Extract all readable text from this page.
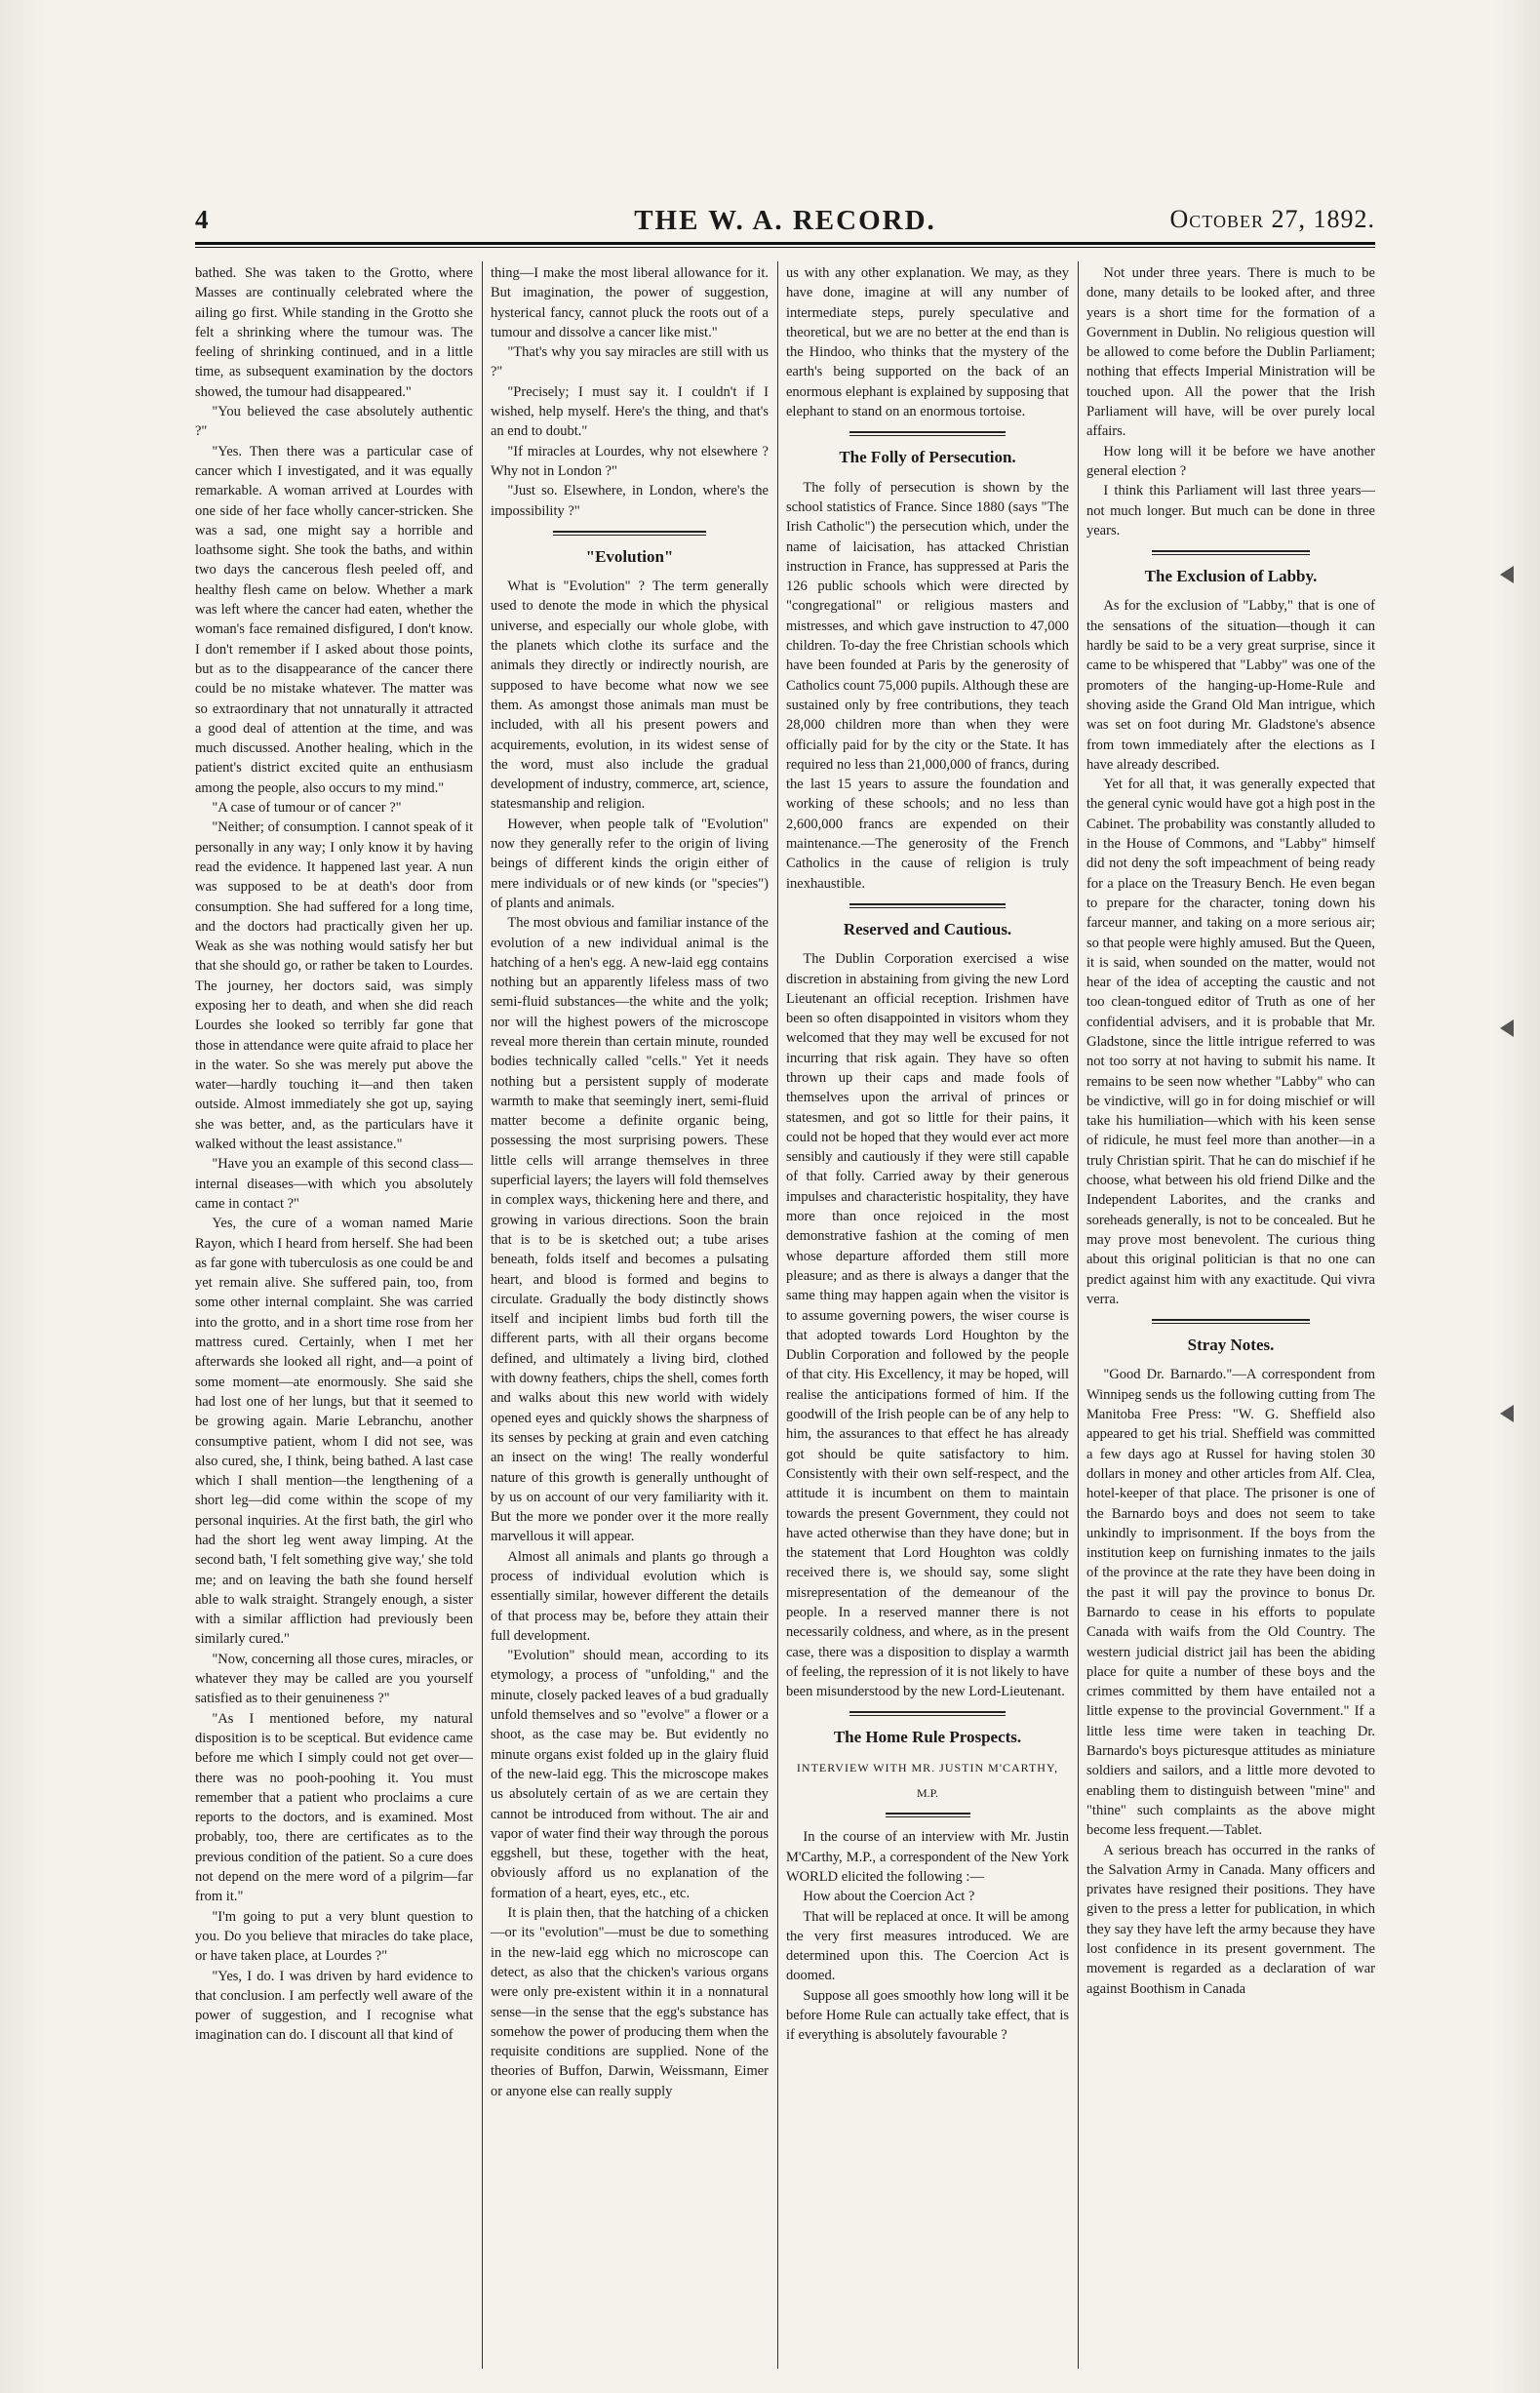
4	THE W. A. RECORD.	October 27, 1892.

bathed. She was taken to the Grotto, where Masses are continually celebrated where the ailing go first. While standing in the Grotto she felt a shrinking where the tumour was. The feeling of shrinking continued, and in a little time, as subsequent examination by the doctors showed, the tumour had disappeared."

"You believed the case absolutely authentic ?"

"Yes. Then there was a particular case of cancer which I investigated, and it was equally remarkable. A woman arrived at Lourdes with one side of her face wholly cancer-stricken. She was a sad, one might say a horrible and loathsome sight. She took the baths, and within two days the cancerous flesh peeled off, and healthy flesh came on below. Whether a mark was left where the cancer had eaten, whether the woman's face remained disfigured, I don't know. I don't remember if I asked about those points, but as to the disappearance of the cancer there could be no mistake whatever. The matter was so extraordinary that not unnaturally it attracted a good deal of attention at the time, and was much discussed. Another healing, which in the patient's district excited quite an enthusiasm among the people, also occurs to my mind."

"A case of tumour or of cancer ?"

"Neither; of consumption. I cannot speak of it personally in any way; I only know it by having read the evidence. It happened last year. A nun was supposed to be at death's door from consumption. She had suffered for a long time, and the doctors had practically given her up. Weak as she was nothing would satisfy her but that she should go, or rather be taken to Lourdes. The journey, her doctors said, was simply exposing her to death, and when she did reach Lourdes she looked so terribly far gone that those in attendance were quite afraid to place her in the water. So she was merely put above the water—hardly touching it—and then taken outside. Almost immediately she got up, saying she was better, and, as the particulars have it walked without the least assistance."

"Have you an example of this second class—internal diseases—with which you absolutely came in contact ?"

Yes, the cure of a woman named Marie Rayon, which I heard from herself. She had been as far gone with tuberculosis as one could be and yet remain alive. She suffered pain, too, from some other internal complaint. She was carried into the grotto, and in a short time rose from her mattress cured. Certainly, when I met her afterwards she looked all right, and—a point of some moment—ate enormously. She said she had lost one of her lungs, but that it seemed to be growing again. Marie Lebranchu, another consumptive patient, whom I did not see, was also cured, she, I think, being bathed. A last case which I shall mention—the lengthening of a short leg—did come within the scope of my personal inquiries. At the first bath, the girl who had the short leg went away limping. At the second bath, 'I felt something give way,' she told me; and on leaving the bath she found herself able to walk straight. Strangely enough, a sister with a similar affliction had previously been similarly cured."

"Now, concerning all those cures, miracles, or whatever they may be called are you yourself satisfied as to their genuineness ?"

"As I mentioned before, my natural disposition is to be sceptical. But evidence came before me which I simply could not get over—there was no pooh-poohing it. You must remember that a patient who proclaims a cure reports to the doctors, and is examined. Most probably, too, there are certificates as to the previous condition of the patient. So a cure does not depend on the mere word of a pilgrim—far from it."

"I'm going to put a very blunt question to you. Do you believe that miracles do take place, or have taken place, at Lourdes ?"

"Yes, I do. I was driven by hard evidence to that conclusion. I am perfectly well aware of the power of suggestion, and I recognise what imagination can do. I discount all that kind of

thing—I make the most liberal allowance for it. But imagination, the power of suggestion, hysterical fancy, cannot pluck the roots out of a tumour and dissolve a cancer like mist."

"That's why you say miracles are still with us ?"

"Precisely; I must say it. I couldn't if I wished, help myself. Here's the thing, and that's an end to doubt."

"If miracles at Lourdes, why not elsewhere ? Why not in London ?"

"Just so. Elsewhere, in London, where's the impossibility ?"

"Evolution"

What is "Evolution" ? The term generally used to denote the mode in which the physical universe, and especially our whole globe, with the planets which clothe its surface and the animals they directly or indirectly nourish, are supposed to have become what now we see them. As amongst those animals man must be included, with all his present powers and acquirements, evolution, in its widest sense of the word, must also include the gradual development of industry, commerce, art, science, statesmanship and religion.

However, when people talk of "Evolution" now they generally refer to the origin of living beings of different kinds the origin either of mere individuals or of new kinds (or "species") of plants and animals.

The most obvious and familiar instance of the evolution of a new individual animal is the hatching of a hen's egg. A new-laid egg contains nothing but an apparently lifeless mass of two semi-fluid substances—the white and the yolk; nor will the highest powers of the microscope reveal more therein than certain minute, rounded bodies technically called "cells." Yet it needs nothing but a persistent supply of moderate warmth to make that seemingly inert, semi-fluid matter become a definite organic being, possessing the most surprising powers. These little cells will arrange themselves in three superficial layers; the layers will fold themselves in complex ways, thickening here and there, and growing in various directions. Soon the brain that is to be is sketched out; a tube arises beneath, folds itself and becomes a pulsating heart, and blood is formed and begins to circulate. Gradually the body distinctly shows itself and incipient limbs bud forth till the different parts, with all their organs become defined, and ultimately a living bird, clothed with downy feathers, chips the shell, comes forth and walks about this new world with widely opened eyes and quickly shows the sharpness of its senses by pecking at grain and even catching an insect on the wing! The really wonderful nature of this growth is generally unthought of by us on account of our very familiarity with it. But the more we ponder over it the more really marvellous it will appear.

Almost all animals and plants go through a process of individual evolution which is essentially similar, however different the details of that process may be, before they attain their full development.

"Evolution" should mean, according to its etymology, a process of "unfolding," and the minute, closely packed leaves of a bud gradually unfold themselves and so "evolve" a flower or a shoot, as the case may be. But evidently no minute organs exist folded up in the glairy fluid of the new-laid egg. This the microscope makes us absolutely certain of as we are certain they cannot be introduced from without. The air and vapor of water find their way through the porous eggshell, but these, together with the heat, obviously afford us no explanation of the formation of a heart, eyes, etc., etc.

It is plain then, that the hatching of a chicken—or its "evolution"—must be due to something in the new-laid egg which no microscope can detect, as also that the chicken's various organs were only pre-existent within it in a nonnatural sense—in the sense that the egg's substance has somehow the power of producing them when the requisite conditions are supplied. None of the theories of Buffon, Darwin, Weissmann, Eimer or anyone else can really supply

us with any other explanation. We may, as they have done, imagine at will any number of intermediate steps, purely speculative and theoretical, but we are no better at the end than is the Hindoo, who thinks that the mystery of the earth's being supported on the back of an enormous elephant is explained by supposing that elephant to stand on an enormous tortoise.

The Folly of Persecution.

The folly of persecution is shown by the school statistics of France. Since 1880 (says "The Irish Catholic") the persecution which, under the name of laicisation, has attacked Christian instruction in France, has suppressed at Paris the 126 public schools which were directed by "congregational" or religious masters and mistresses, and which gave instruction to 47,000 children. To-day the free Christian schools which have been founded at Paris by the generosity of Catholics count 75,000 pupils. Although these are sustained only by free contributions, they teach 28,000 children more than when they were officially paid for by the city or the State. It has required no less than 21,000,000 of francs, during the last 15 years to assure the foundation and working of these schools; and no less than 2,600,000 francs are expended on their maintenance.—The generosity of the French Catholics in the cause of religion is truly inexhaustible.

Reserved and Cautious.

The Dublin Corporation exercised a wise discretion in abstaining from giving the new Lord Lieutenant an official reception. Irishmen have been so often disappointed in visitors whom they welcomed that they may well be excused for not incurring that risk again. They have so often thrown up their caps and made fools of themselves upon the arrival of princes or statesmen, and got so little for their pains, it could not be hoped that they would ever act more sensibly and cautiously if they were still capable of that folly. Carried away by their generous impulses and characteristic hospitality, they have more than once rejoiced in the most demonstrative fashion at the coming of men whose departure afforded them still more pleasure; and as there is always a danger that the same thing may happen again when the visitor is to assume governing powers, the wiser course is that adopted towards Lord Houghton by the Dublin Corporation and followed by the people of that city. His Excellency, it may be hoped, will realise the anticipations formed of him. If the goodwill of the Irish people can be of any help to him, the assurances to that effect he has already got should be quite satisfactory to him. Consistently with their own self-respect, and the attitude it is incumbent on them to maintain towards the present Government, they could not have acted otherwise than they have done; but in the statement that Lord Houghton was coldly received there is, we should say, some slight misrepresentation of the demeanour of the people. In a reserved manner there is not necessarily coldness, and where, as in the present case, there was a disposition to display a warmth of feeling, the repression of it is not likely to have been misunderstood by the new Lord-Lieutenant.

The Home Rule Prospects.
INTERVIEW WITH MR. JUSTIN M'CARTHY,
M.P.

In the course of an interview with Mr. Justin M'Carthy, M.P., a correspondent of the New York WORLD elicited the following :—

How about the Coercion Act ?

That will be replaced at once. It will be among the very first measures introduced. We are determined upon this. The Coercion Act is doomed.

Suppose all goes smoothly how long will it be before Home Rule can actually take effect, that is if everything is absolutely favourable ?

Not under three years. There is much to be done, many details to be looked after, and three years is a short time for the formation of a Government in Dublin. No religious question will be allowed to come before the Dublin Parliament; nothing that effects Imperial Ministration will be touched upon. All the power that the Irish Parliament will have, will be over purely local affairs.

How long will it be before we have another general election ?

I think this Parliament will last three years—not much longer. But much can be done in three years.

The Exclusion of Labby.

As for the exclusion of "Labby," that is one of the sensations of the situation—though it can hardly be said to be a very great surprise, since it came to be whispered that "Labby" was one of the promoters of the hanging-up-Home-Rule and shoving aside the Grand Old Man intrigue, which was set on foot during Mr. Gladstone's absence from town immediately after the elections as I have already described.

Yet for all that, it was generally expected that the general cynic would have got a high post in the Cabinet. The probability was constantly alluded to in the House of Commons, and "Labby" himself did not deny the soft impeachment of being ready for a place on the Treasury Bench. He even began to prepare for the character, toning down his farceur manner, and taking on a more serious air; so that people were highly amused. But the Queen, it is said, when sounded on the matter, would not hear of the idea of accepting the caustic and not too clean-tongued editor of Truth as one of her confidential advisers, and it is probable that Mr. Gladstone, since the little intrigue referred to was not too sorry at not having to submit his name. It remains to be seen now whether "Labby" who can be vindictive, will go in for doing mischief or will take his humiliation—which with his keen sense of ridicule, he must feel more than another—in a truly Christian spirit. That he can do mischief if he choose, what between his old friend Dilke and the Independent Laborites, and the cranks and soreheads generally, is not to be concealed. But he may prove most benevolent. The curious thing about this original politician is that no one can predict against him with any exactitude. Qui vivra verra.

Stray Notes.

"Good Dr. Barnardo."—A correspondent from Winnipeg sends us the following cutting from The Manitoba Free Press: "W. G. Sheffield also appeared to get his trial. Sheffield was committed a few days ago at Russel for having stolen 30 dollars in money and other articles from Alf. Clea, hotel-keeper of that place. The prisoner is one of the Barnardo boys and does not seem to take unkindly to imprisonment. If the boys from the institution keep on furnishing inmates to the jails of the province at the rate they have been doing in the past it will pay the province to bonus Dr. Barnardo to cease in his efforts to populate Canada with waifs from the Old Country. The western judicial district jail has been the abiding place for quite a number of these boys and the crimes committed by them have entailed not a little expense to the provincial Government." If a little less time were taken in teaching Dr. Barnardo's boys picturesque attitudes as miniature soldiers and sailors, and a little more devoted to enabling them to distinguish between "mine" and "thine" such complaints as the above might become less frequent.—Tablet.

A serious breach has occurred in the ranks of the Salvation Army in Canada. Many officers and privates have resigned their positions. They have given to the press a letter for publication, in which they say they have left the army because they have lost confidence in its present government. The movement is regarded as a declaration of war against Boothism in Canada
